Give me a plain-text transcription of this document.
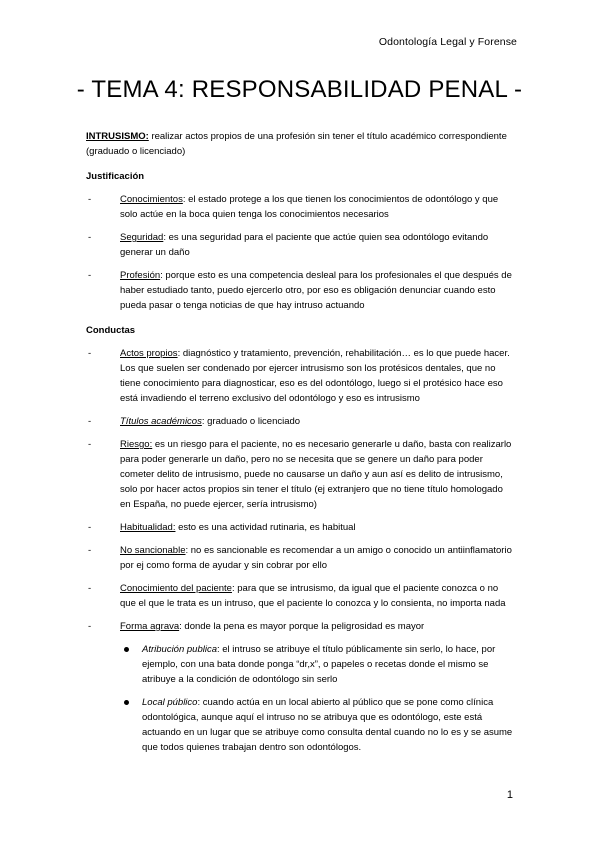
Odontología Legal y Forense
- TEMA 4: RESPONSABILIDAD PENAL -

INTRUSISMO: realizar actos propios de una profesión sin tener el título académico correspondiente (graduado o licenciado)

Justificación

-	Conocimientos: el estado protege a los que tienen los conocimientos de odontólogo y que solo actúe en la boca quien tenga los conocimientos necesarios
-	Seguridad: es una seguridad para el paciente que actúe quien sea odontólogo evitando generar un daño
-	Profesión: porque esto es una competencia desleal para los profesionales el que después de haber estudiado tanto, puedo ejercerlo otro, por eso es obligación denunciar cuando esto pueda pasar o tenga noticias de que hay intruso actuando

Conductas

-	Actos propios: diagnóstico y tratamiento, prevención, rehabilitación… es lo que puede hacer. Los que suelen ser condenado por ejercer intrusismo son los protésicos dentales, que no tiene conocimiento para diagnosticar, eso es del odontólogo, luego si el protésico hace eso está invadiendo el terreno exclusivo del odontólogo y eso es intrusismo
-	Títulos académicos: graduado o licenciado
-	Riesgo: es un riesgo para el paciente, no es necesario generarle u daño, basta con realizarlo para poder generarle un daño, pero no se necesita que se genere un daño para poder cometer delito de intrusismo, puede no causarse un daño y aun así es delito de intrusismo, solo por hacer actos propios sin tener el título (ej extranjero que no tiene título homologado en España, no puede ejercer, sería intrusismo)
-	Habitualidad: esto es una actividad rutinaria, es habitual
-	No sancionable: no es sancionable es recomendar a un amigo o conocido un antiinflamatorio por ej como forma de ayudar y sin cobrar por ello
-	Conocimiento del paciente: para que se intrusismo, da igual que el paciente conozca o no que el que le trata es un intruso, que el paciente lo conozca y lo consienta, no importa nada
-	Forma agrava: donde la pena es mayor porque la peligrosidad es mayor
Atribución publica: el intruso se atribuye el título públicamente sin serlo, lo hace, por ejemplo, con una bata donde ponga “dr,x”, o papeles o recetas donde el mismo se atribuye a la condición de odontólogo sin serlo
Local público: cuando actúa en un local abierto al público que se pone como clínica odontológica, aunque aquí el intruso no se atribuya que es odontólogo, este está actuando en un lugar que se atribuye como consulta dental cuando no lo es y se asume que todos quienes trabajan dentro son odontólogos.
1
